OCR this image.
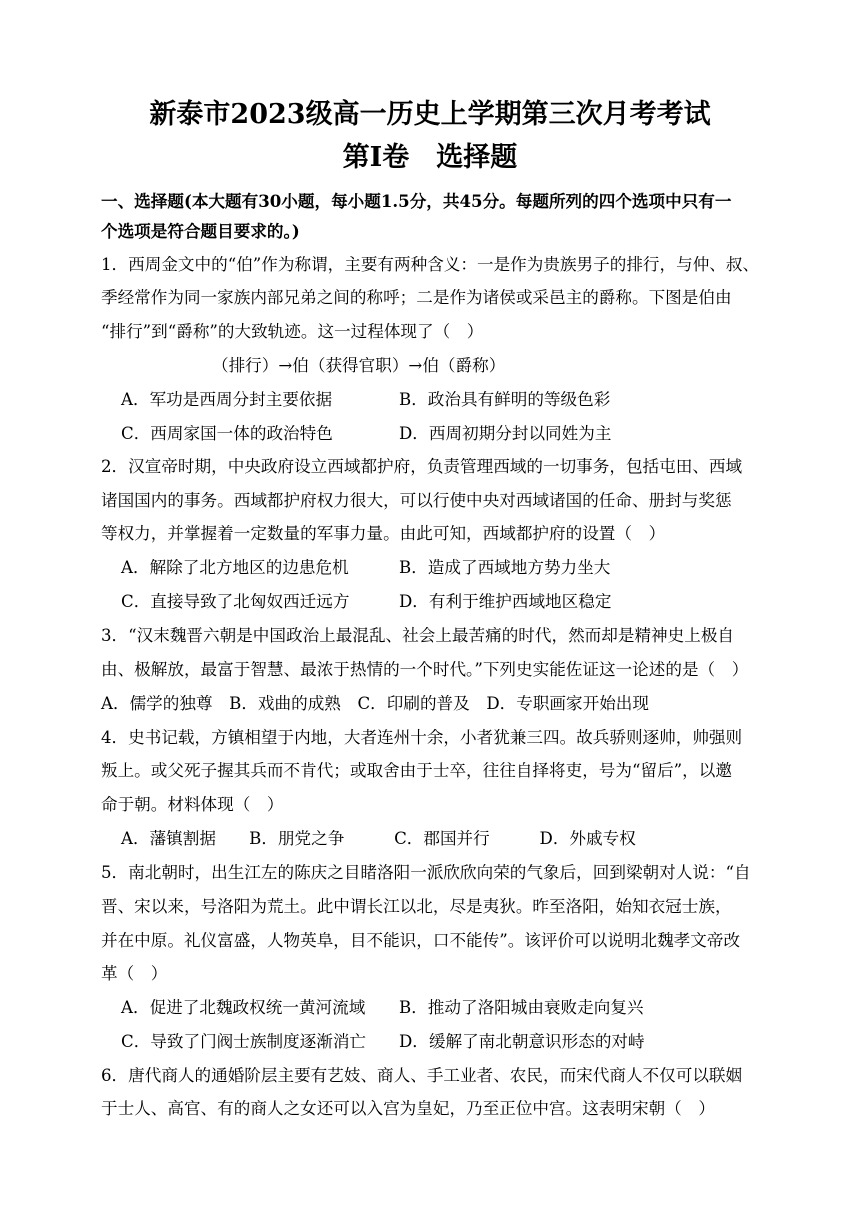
新泰市2023级高一历史上学期第三次月考考试
第Ⅰ卷　选择题
一、选择题(本大题有30小题，每小题1.5分，共45分。每题所列的四个选项中只有一
个选项是符合题目要求的。)
1．西周金文中的“伯”作为称谓，主要有两种含义：一是作为贵族男子的排行，与仲、叔、
季经常作为同一家族内部兄弟之间的称呼；二是作为诸侯或采邑主的爵称。下图是伯由
“排行”到“爵称”的大致轨迹。这一过程体现了（　）
（排行）→伯（获得官职）→伯（爵称）
A．军功是西周分封主要依据	B．政治具有鲜明的等级色彩
C．西周家国一体的政治特色	D．西周初期分封以同姓为主
2．汉宣帝时期，中央政府设立西域都护府，负责管理西域的一切事务，包括屯田、西域
诸国国内的事务。西域都护府权力很大，可以行使中央对西域诸国的任命、册封与奖惩
等权力，并掌握着一定数量的军事力量。由此可知，西域都护府的设置（　）
A．解除了北方地区的边患危机	B．造成了西域地方势力坐大
C．直接导致了北匈奴西迁远方	D．有利于维护西域地区稳定
3．“汉末魏晋六朝是中国政治上最混乱、社会上最苦痛的时代，然而却是精神史上极自
由、极解放，最富于智慧、最浓于热情的一个时代。”下列史实能佐证这一论述的是（　）
A．儒学的独尊　B．戏曲的成熟　C．印刷的普及　D．专职画家开始出现
4．史书记载，方镇相望于内地，大者连州十余，小者犹兼三四。故兵骄则逐帅，帅强则
叛上。或父死子握其兵而不肯代；或取舍由于士卒，往往自择将吏，号为“留后”，以邀
命于朝。材料体现（　）
A．藩镇割据　　B．朋党之争　　　C．郡国并行　　　D．外戚专权
5．南北朝时，出生江左的陈庆之目睹洛阳一派欣欣向荣的气象后，回到梁朝对人说：“自
晋、宋以来，号洛阳为荒土。此中谓长江以北，尽是夷狄。昨至洛阳，始知衣冠士族，
并在中原。礼仪富盛，人物英阜，目不能识，口不能传”。该评价可以说明北魏孝文帝改
革（　）
A．促进了北魏政权统一黄河流域 B．推动了洛阳城由衰败走向复兴
C．导致了门阀士族制度逐渐消亡 D．缓解了南北朝意识形态的对峙
6．唐代商人的通婚阶层主要有艺妓、商人、手工业者、农民，而宋代商人不仅可以联姻
于士人、高官、有的商人之女还可以入宫为皇妃，乃至正位中宫。这表明宋朝（　）
